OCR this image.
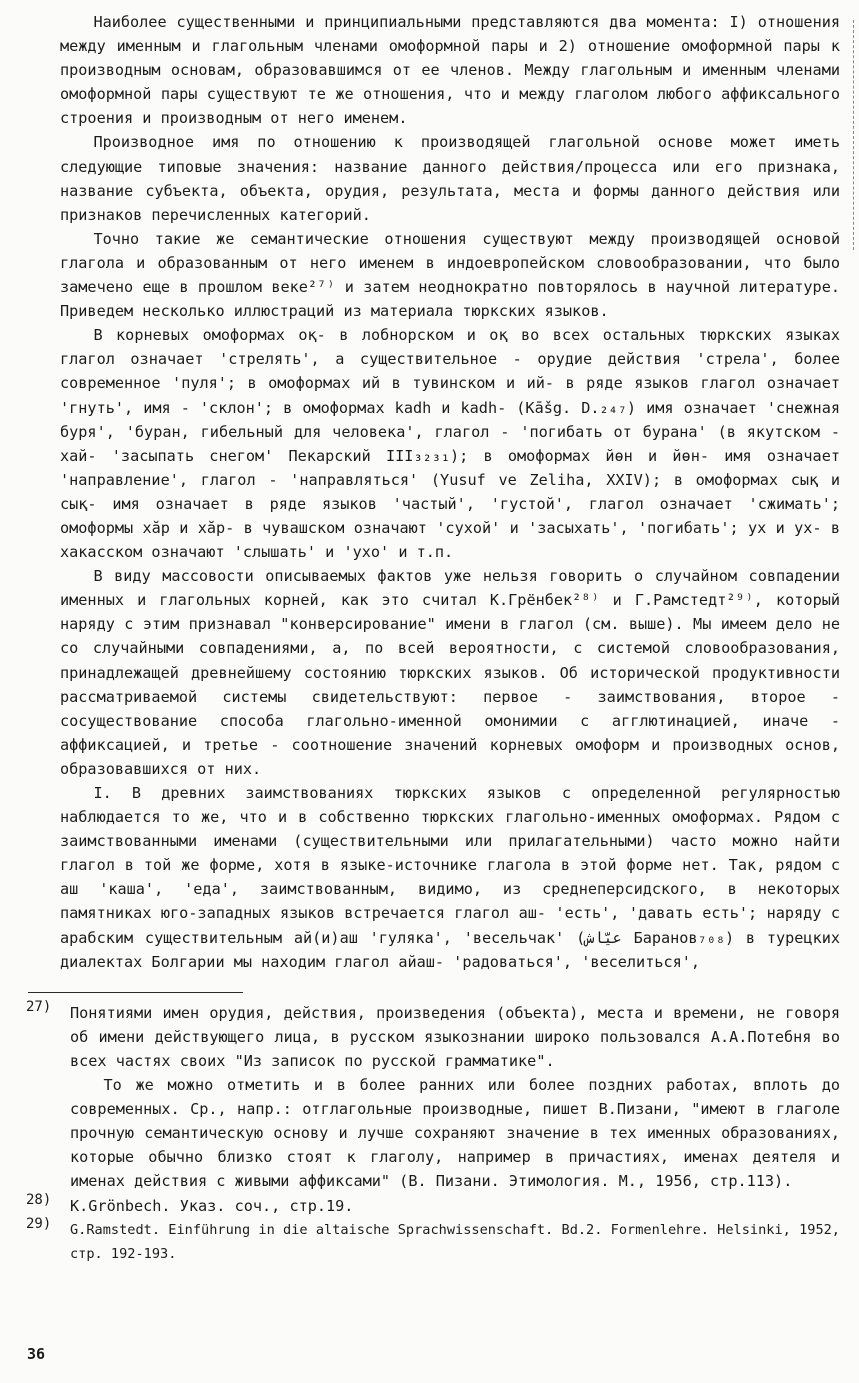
Наиболее существенными и принципиальными представляются два момента: I) отношения между именным и глагольным членами омоформной пары и 2) отношение омоформной пары к производным основам, образовавшимся от ее членов. Между глагольным и именным членами омоформной пары существуют те же отношения, что и между глаголом любого аффиксального строения и производным от него именем.

Производное имя по отношению к производящей глагольной основе может иметь следующие типовые значения: название данного действия/процесса или его признака, название субъекта, объекта, орудия, результата, места и формы данного действия или признаков перечисленных категорий.

Точно такие же семантические отношения существуют между производящей основой глагола и образованным от него именем в индоевропейском словообразовании, что было замечено еще в прошлом веке²⁷⁾ и затем неоднократно повторялось в научной литературе. Приведем несколько иллюстраций из материала тюркских языков.

В корневых омоформах оқ- в лобнорском и оқ во всех остальных тюркских языках глагол означает 'стрелять', а существительное - орудие действия 'стрела', более современное 'пуля'; в омоформах ий в тувинском и ий- в ряде языков глагол означает 'гнуть', имя - 'склон'; в омоформах kadh и kadh- (Kāšg. D.₂₄₇) имя означает 'снежная буря', 'буран, гибельный для человека', глагол - 'погибать от бурана' (в якутском - хай- 'засыпать снегом' Пекарский III₃₂₃₁); в омоформах йөн и йөн- имя означает 'направление', глагол - 'направляться' (Yusuf ve Zeliha, XXIV); в омоформах сық и сық- имя означает в ряде языков 'частый', 'густой', глагол означает 'сжимать'; омоформы хăр и хăр- в чувашском означают 'сухой' и 'засыхать', 'погибать'; ух и ух- в хакасском означают 'слышать' и 'ухо' и т.п.

В виду массовости описываемых фактов уже нельзя говорить о случайном совпадении именных и глагольных корней, как это считал К.Грёнбек²⁸⁾ и Г.Рамстедт²⁹⁾, который наряду с этим признавал "конверсирование" имени в глагол (см. выше). Мы имеем дело не со случайными совпадениями, а, по всей вероятности, с системой словообразования, принадлежащей древнейшему состоянию тюркских языков. Об исторической продуктивности рассматриваемой системы свидетельствуют: первое - заимствования, второе - сосуществование способа глагольно-именной омонимии с агглютинацией, иначе - аффиксацией, и третье - соотношение значений корневых омоформ и производных основ, образовавшихся от них.

I. В древних заимствованиях тюркских языков с определенной регулярностью наблюдается то же, что и в собственно тюркских глагольно-именных омоформах. Рядом с заимствованными именами (существительными или прилагательными) часто можно найти глагол в той же форме, хотя в языке-источнике глагола в этой форме нет. Так, рядом с аш 'каша', 'еда', заимствованным, видимо, из среднеперсидского, в некоторых памятниках юго-западных языков встречается глагол аш- 'есть', 'давать есть'; наряду с арабским существительным ай(и)аш 'гуляка', 'весельчак' (عيّاش Баранов₇₀₈) в турецких диалектах Болгарии мы находим глагол айаш- 'радоваться', 'веселиться',

27) Понятиями имен орудия, действия, произведения (объекта), места и времени, не говоря об имени действующего лица, в русском языкознании широко пользовался А.А.Потебня во всех частях своих "Из записок по русской грамматике".

То же можно отметить и в более ранних или более поздних работах, вплоть до современных. Ср., напр.: отглагольные производные, пишет В.Пизани, "имеют в глаголе прочную семантическую основу и лучше сохраняют значение в тех именных образованиях, которые обычно близко стоят к глаголу, например в причастиях, именах деятеля и именах действия с живыми аффиксами" (В. Пизани. Этимология. М., 1956, стр.113).

28) K.Grönbech. Указ. соч., стр.19.

29) G.Ramstedt. Einführung in die altaische Sprachwissenschaft. Bd.2. Formenlehre. Helsinki, 1952, стр. 192-193.

36
